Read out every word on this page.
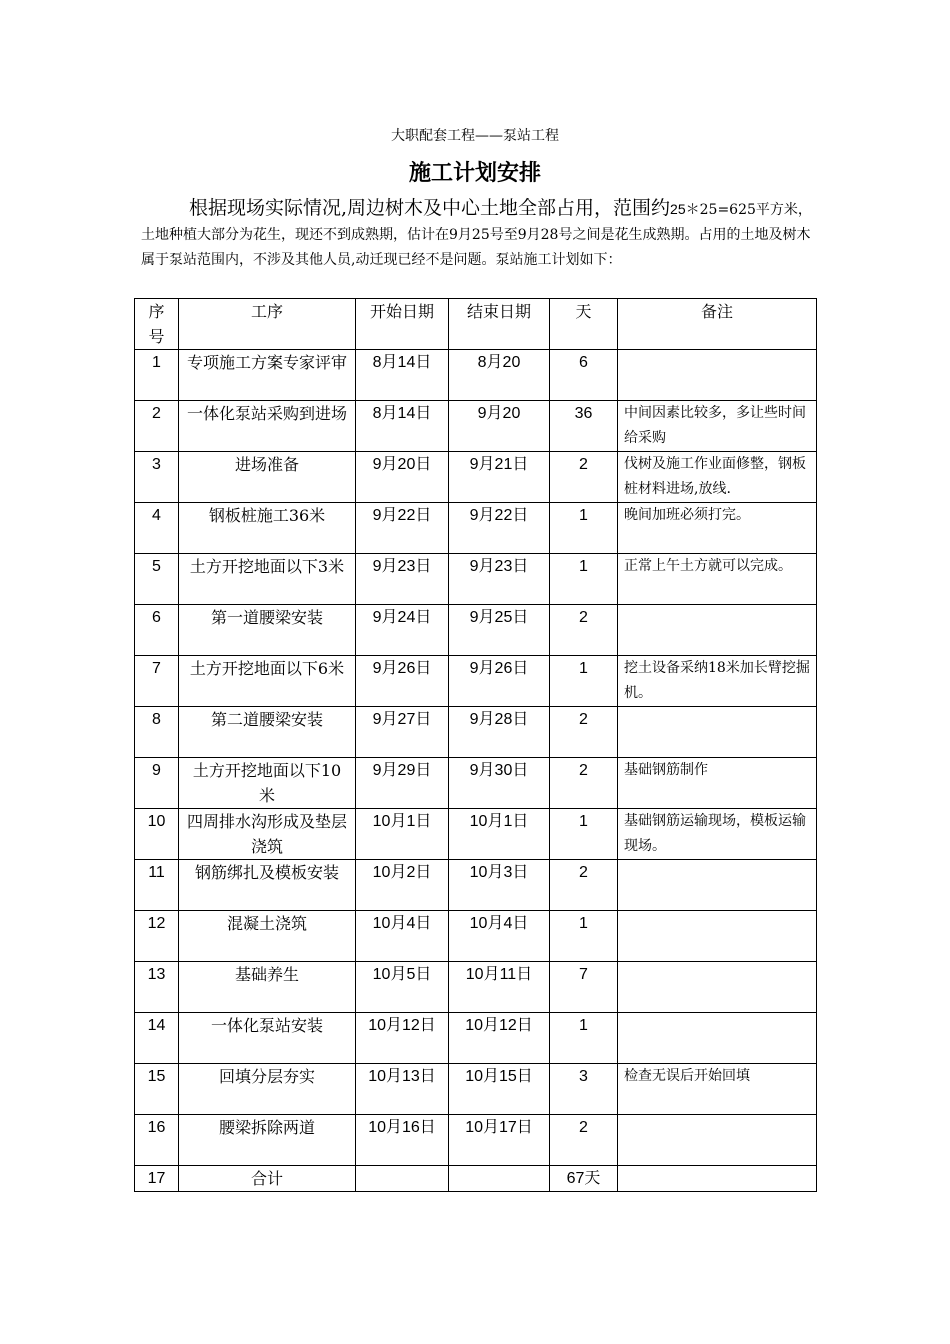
大职配套工程——泵站工程
施工计划安排
根据现场实际情况,周边树木及中心土地全部占用，范围约25＊25=625平方米，土地种植大部分为花生，现还不到成熟期，估计在9月25号至9月28号之间是花生成熟期。占用的土地及树木属于泵站范围内，不涉及其他人员,动迁现已经不是问题。泵站施工计划如下：
序号	工序	开始日期	结束日期	天	备注
1	专项施工方案专家评审	8月14日	8月20	6	
2	一体化泵站采购到进场	8月14日	9月20	36	中间因素比较多，多让些时间给采购
3	进场准备	9月20日	9月21日	2	伐树及施工作业面修整，钢板桩材料进场,放线.
4	钢板桩施工36米	9月22日	9月22日	1	晚间加班必须打完。
5	土方开挖地面以下3米	9月23日	9月23日	1	正常上午土方就可以完成。
6	第一道腰梁安装	9月24日	9月25日	2	
7	土方开挖地面以下6米	9月26日	9月26日	1	挖土设备采纳18米加长臂挖掘机。
8	第二道腰梁安装	9月27日	9月28日	2	
9	土方开挖地面以下10米	9月29日	9月30日	2	基础钢筋制作
10	四周排水沟形成及垫层浇筑	10月1日	10月1日	1	基础钢筋运输现场，模板运输现场。
11	钢筋绑扎及模板安装	10月2日	10月3日	2	
12	混凝土浇筑	10月4日	10月4日	1	
13	基础养生	10月5日	10月11日	7	
14	一体化泵站安装	10月12日	10月12日	1	
15	回填分层夯实	10月13日	10月15日	3	检查无误后开始回填
16	腰梁拆除两道	10月16日	10月17日	2	
17	合计			67天	
